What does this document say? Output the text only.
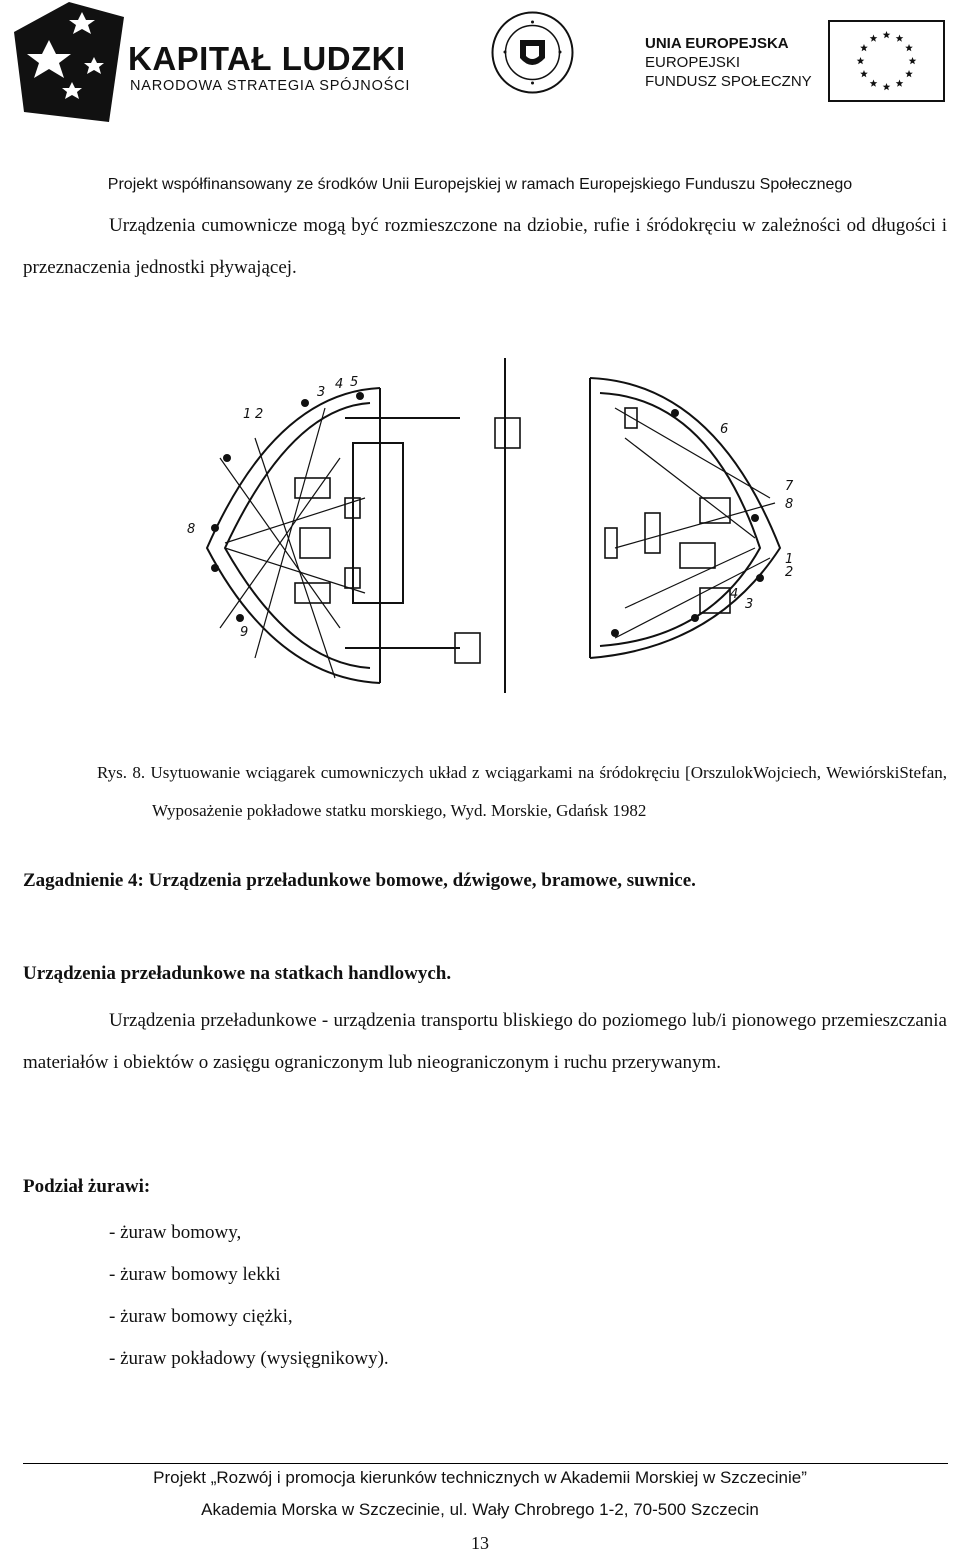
KAPITAŁ LUDZKI
NARODOWA STRATEGIA SPÓJNOŚCI
UNIA EUROPEJSKA
EUROPEJSKI
FUNDUSZ SPOŁECZNY
Projekt współfinansowany ze środków Unii Europejskiej w ramach Europejskiego Funduszu Społecznego
Urządzenia cumownicze mogą być rozmieszczone na dziobie, rufie i śródokręciu w zależności od długości i przeznaczenia jednostki pływającej.
1 2
3
4 5
8
9
1
2
3
4
6
7
8
Rys. 8. Usytuowanie wciągarek cumowniczych układ z wciągarkami na śródokręciu [OrszulokWojciech, WewiórskiStefan, Wyposażenie pokładowe statku morskiego, Wyd. Morskie, Gdańsk 1982
Zagadnienie 4: Urządzenia przeładunkowe bomowe, dźwigowe, bramowe, suwnice.
Urządzenia przeładunkowe na statkach handlowych.
Urządzenia przeładunkowe - urządzenia transportu bliskiego do poziomego lub/i pionowego przemieszczania materiałów i obiektów o zasięgu ograniczonym lub nieograniczonym i ruchu przerywanym.
Podział żurawi:
- żuraw bomowy,
- żuraw bomowy lekki
- żuraw bomowy ciężki,
- żuraw pokładowy (wysięgnikowy).
Projekt „Rozwój i promocja kierunków technicznych w Akademii Morskiej w Szczecinie”
Akademia Morska w Szczecinie, ul. Wały Chrobrego 1-2, 70-500 Szczecin
13
